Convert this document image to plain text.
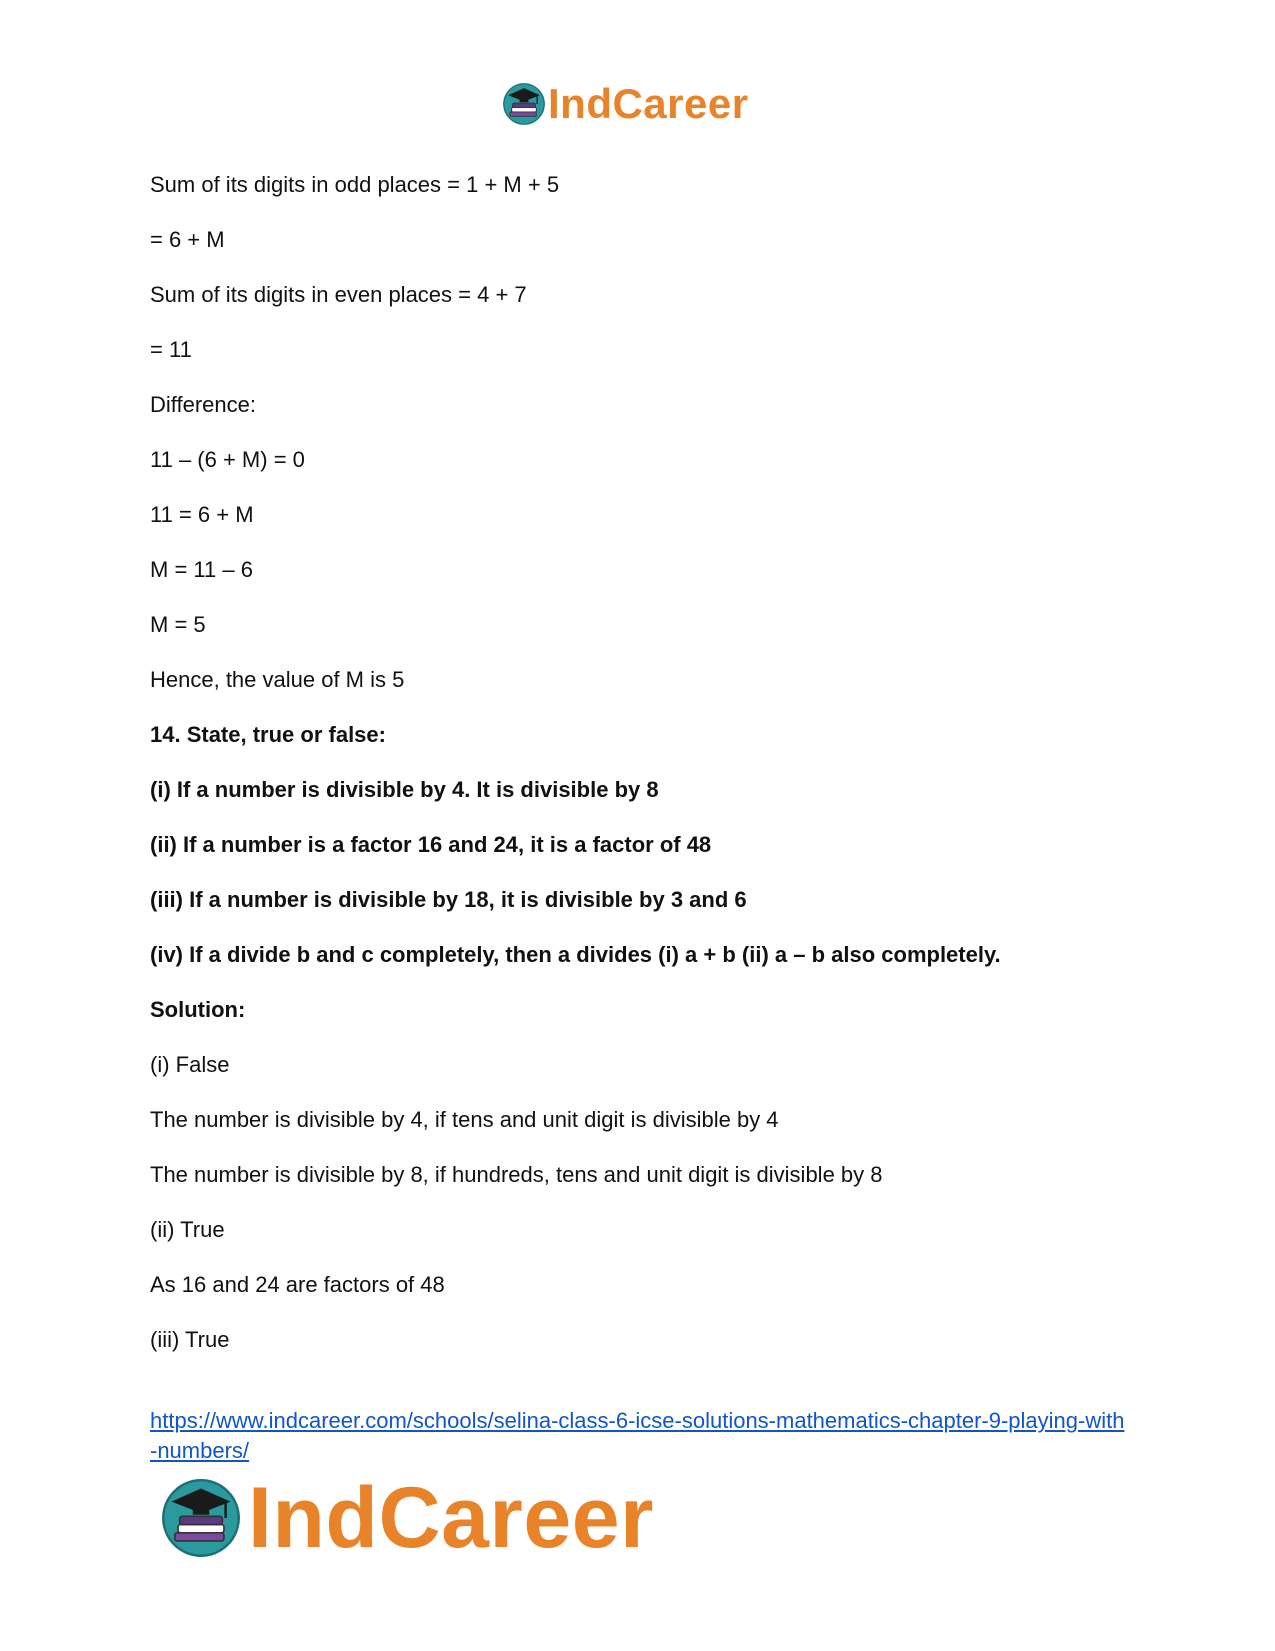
IndCareer
Sum of its digits in odd places = 1 + M + 5
= 6 + M
Sum of its digits in even places = 4 + 7
= 11
Difference:
11 – (6 + M) = 0
11 = 6 + M
M = 11 – 6
M = 5
Hence, the value of M is 5
14. State, true or false:
(i) If a number is divisible by 4. It is divisible by 8
(ii) If a number is a factor 16 and 24, it is a factor of 48
(iii) If a number is divisible by 18, it is divisible by 3 and 6
(iv) If a divide b and c completely, then a divides (i) a + b (ii) a – b also completely.
Solution:
(i) False
The number is divisible by 4, if tens and unit digit is divisible by 4
The number is divisible by 8, if hundreds, tens and unit digit is divisible by 8
(ii) True
As 16 and 24 are factors of 48
(iii) True
https://www.indcareer.com/schools/selina-class-6-icse-solutions-mathematics-chapter-9-playing-with-numbers/
IndCareer
